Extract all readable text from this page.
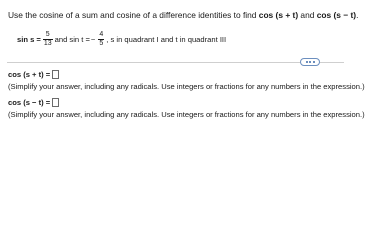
Use the cosine of a sum and cosine of a difference identities to find cos (s + t) and cos (s − t).
$\sin s = \frac{5}{13}$ and sin t = − $\frac{4}{5}$ , s in quadrant I and t in quadrant III
cos (s + t) =
(Simplify your answer, including any radicals. Use integers or fractions for any numbers in the expression.)
cos (s − t) =
(Simplify your answer, including any radicals. Use integers or fractions for any numbers in the expression.)
